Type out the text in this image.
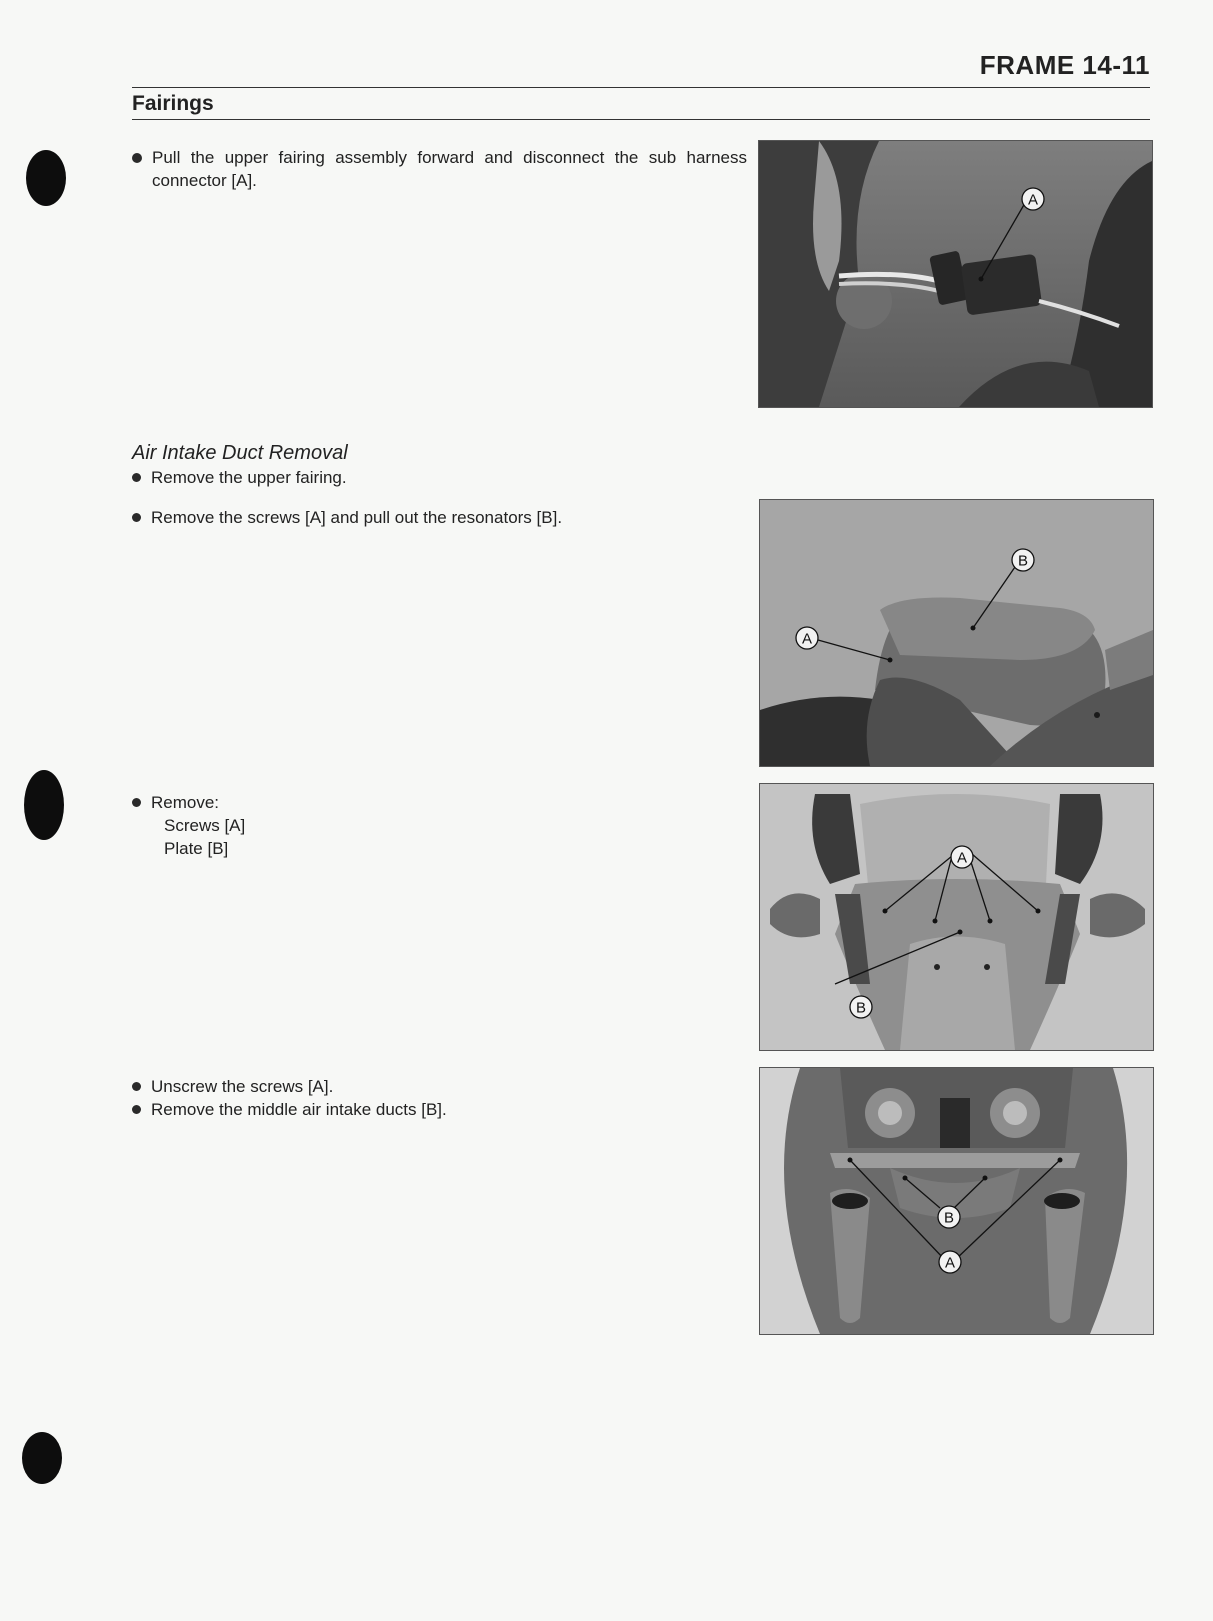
FRAME 14-11
Fairings
Pull the upper fairing assembly forward and disconnect the sub harness connector [A].
Air Intake Duct Removal
Remove the upper fairing.
Remove the screws [A] and pull out the resonators [B].
Remove:
Screws [A]
Plate [B]
Unscrew the screws [A].
Remove the middle air intake ducts [B].
A
B
A
A
B
B
A
